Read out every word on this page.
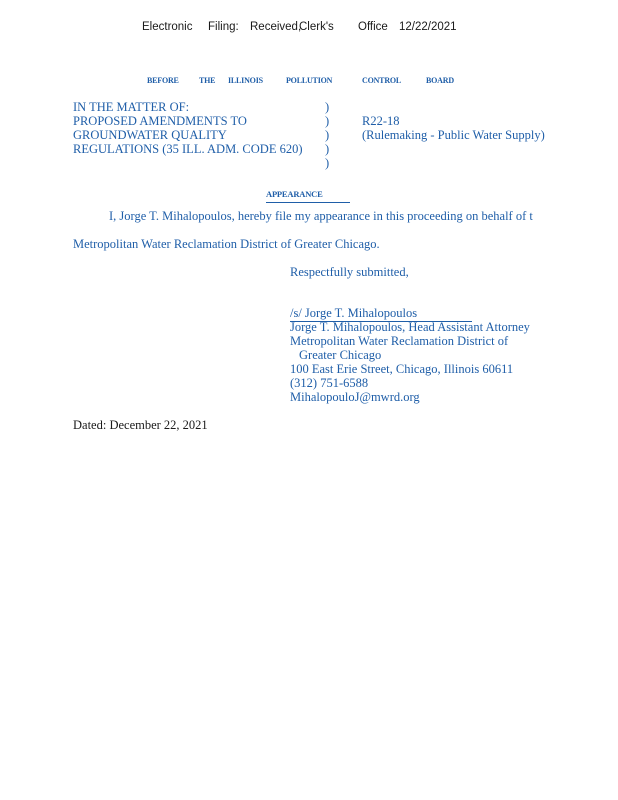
Electronic Filing: Received,
Clerk's Office 12/22/2021
BEFORE	THE ILLINOIS	POLLUTION	CONTROL	BOARD
IN THE MATTER OF:
PROPOSED AMENDMENTS TO
GROUNDWATER QUALITY
REGULATIONS (35 ILL. ADM. CODE 620)
)
)
)
)
)
R22-18
(Rulemaking - Public Water Supply)
APPEARANCE
I, Jorge T. Mihalopoulos, hereby file my appearance in this proceeding on behalf of t
Metropolitan Water Reclamation District of Greater Chicago.
Respectfully submitted,
/s/ Jorge T. Mihalopoulos
Jorge T. Mihalopoulos, Head Assistant Attorney
Metropolitan Water Reclamation District of
Greater Chicago
100 East Erie Street, Chicago, Illinois 60611
(312) 751-6588
MihalopouloJ@mwrd.org
Dated: December 22, 2021
